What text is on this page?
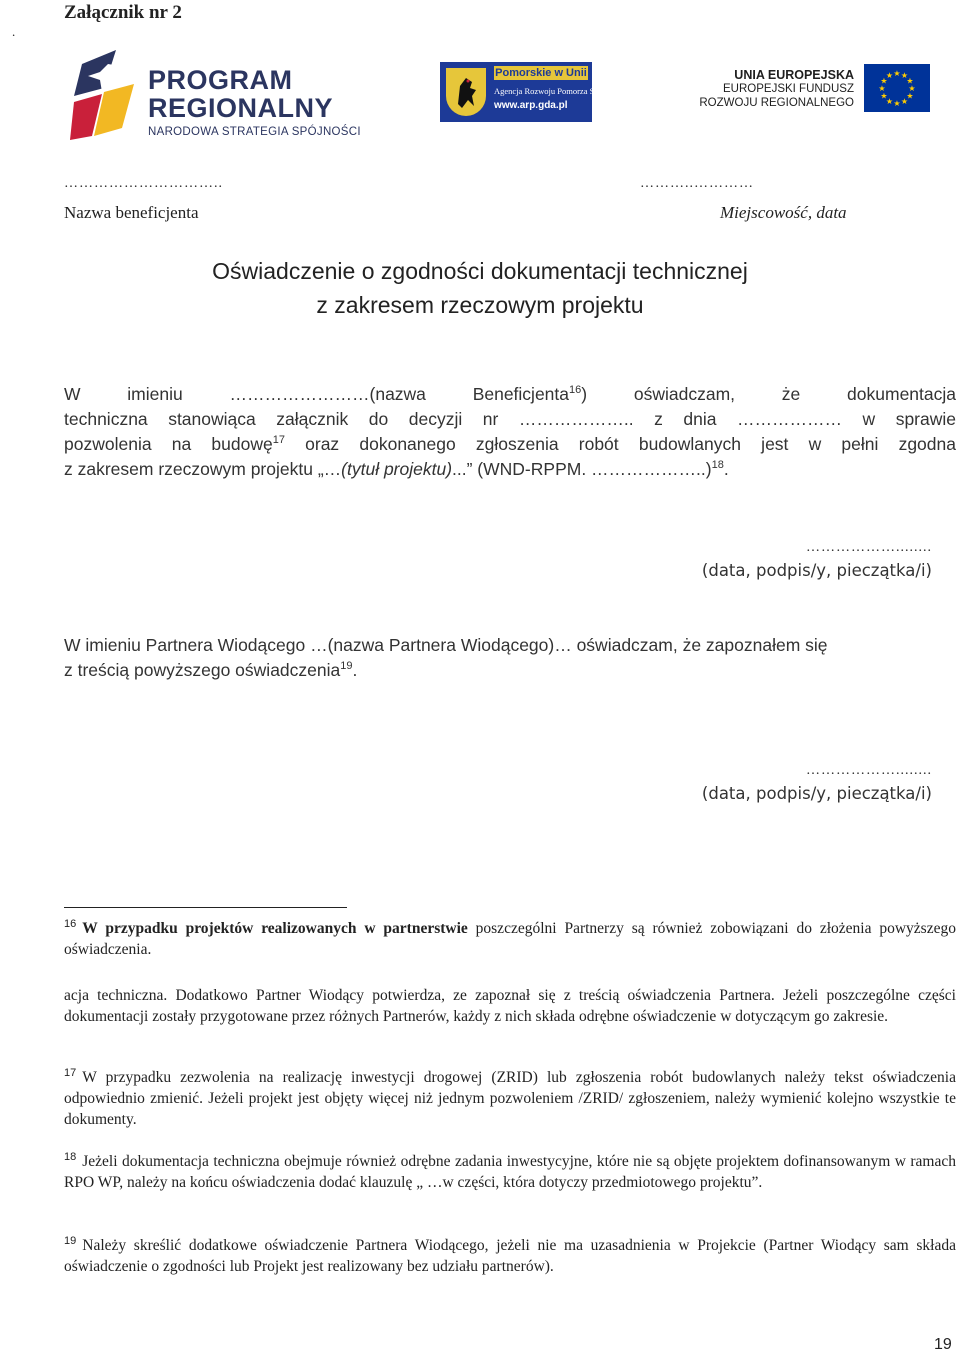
Załącznik nr 2
.
PROGRAM
REGIONALNY
NARODOWA STRATEGIA SPÓJNOŚCI
Pomorskie w Unii
Agencja Rozwoju Pomorza S.A.
www.arp.gda.pl
UNIA EUROPEJSKA
EUROPEJSKI FUNDUSZ
ROZWOJU REGIONALNEGO
★
★
★
★
★
★
★
★
★ ★ ★
★
…………………………..	………..…………
Nazwa beneficjenta	Miejscowość, data
Oświadczenie o zgodności dokumentacji technicznej
z zakresem rzeczowym projektu
W imieniu ……………………(nazwa Beneficjenta$^{16}$) oświadczam, że dokumentacja
techniczna stanowiąca załącznik do decyzji nr ……………….. z dnia ……………… w sprawie
pozwolenia na budowę$^{17}$ oraz dokonanego zgłoszenia robót budowlanych jest w pełni zgodna
z zakresem rzeczowym projektu „…(tytuł projektu)...” (WND-RPPM. ………………..)$^{18}$.
………………........
(data, podpis/y, pieczątka/i)
W imieniu Partnera Wiodącego …(nazwa Partnera Wiodącego)… oświadczam, że zapoznałem się
z treścią powyższego oświadczenia$^{19}$.
………………........
(data, podpis/y, pieczątka/i)
$^{16}$ W przypadku projektów realizowanych w partnerstwie poszczególni Partnerzy są również zobowiązani do złożenia powyższego oświadczenia.
acja techniczna. Dodatkowo Partner Wiodący potwierdza, ze zapoznał się z treścią oświadczenia Partnera. Jeżeli poszczególne części dokumentacji zostały przygotowane przez różnych Partnerów, każdy z nich składa odrębne oświadczenie w dotyczącym go zakresie.
$^{17}$ W przypadku zezwolenia na realizację inwestycji drogowej (ZRID) lub zgłoszenia robót budowlanych należy tekst oświadczenia odpowiednio zmienić. Jeżeli projekt jest objęty więcej niż jednym pozwoleniem /ZRID/ zgłoszeniem, należy wymienić kolejno wszystkie te dokumenty.
$^{18}$ Jeżeli dokumentacja techniczna obejmuje również odrębne zadania inwestycyjne, które nie są objęte projektem dofinansowanym w ramach RPO WP, należy na końcu oświadczenia dodać klauzulę „ …w części, która dotyczy przedmiotowego projektu”.
$^{19}$ Należy skreślić dodatkowe oświadczenie Partnera Wiodącego, jeżeli nie ma uzasadnienia w Projekcie (Partner Wiodący sam składa oświadczenie o zgodności lub Projekt jest realizowany bez udziału partnerów).
19
